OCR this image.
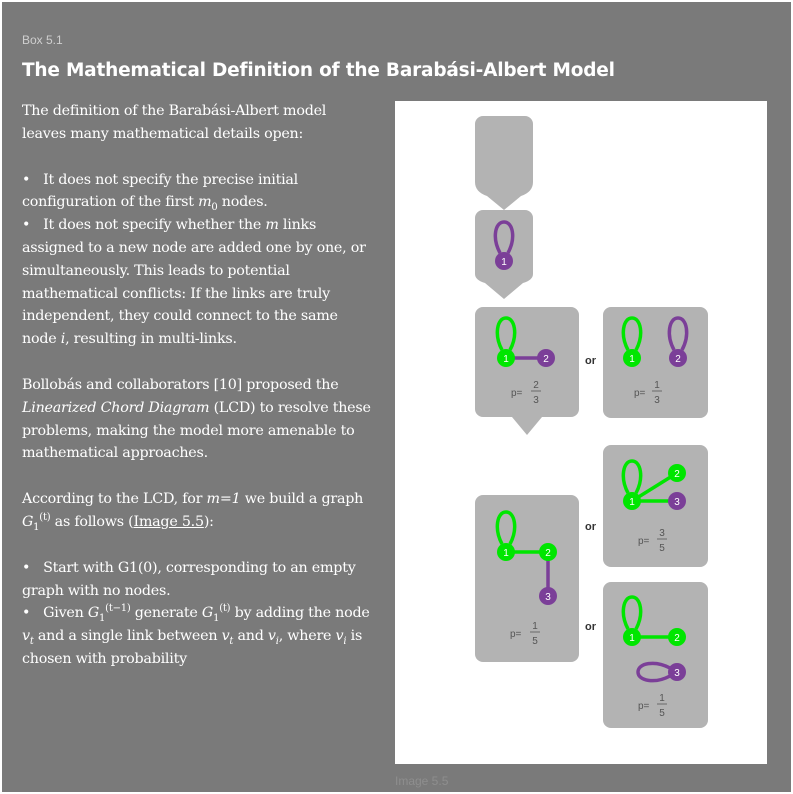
Box 5.1
The Mathematical Definition of the Barabási-Albert Model

The definition of the Barabási-Albert model leaves many mathematical details open:

•   It does not specify the precise initial configuration of the first $m_0$ nodes.

•   It does not specify whether the m links assigned to a new node are added one by one, or simultaneously. This leads to potential mathematical conflicts: If the links are truly independent, they could connect to the same node i, resulting in multi-links.

Bollobás and collaborators [10] proposed the Linearized Chord Diagram (LCD) to resolve these problems, making the model more amenable to mathematical approaches.

According to the LCD, for m=1 we build a graph $G_1^{(t)}$ as follows (Image 5.5):

•   Start with G1(0), corresponding to an empty graph with no nodes.

•   Given $G_1^{(t-1)}$ generate $G_1^{(t)}$ by adding the node $v_t$ and a single link between $v_t$ and $v_i$, where $v_i$ is chosen with probability

1
1	2
p=
2
3
or	1	2
p=
1
3
1	2
3
p=
1
5
or
1
2
3
p=
3
5
or
1	2
3
p=
1
5
Image 5.5
